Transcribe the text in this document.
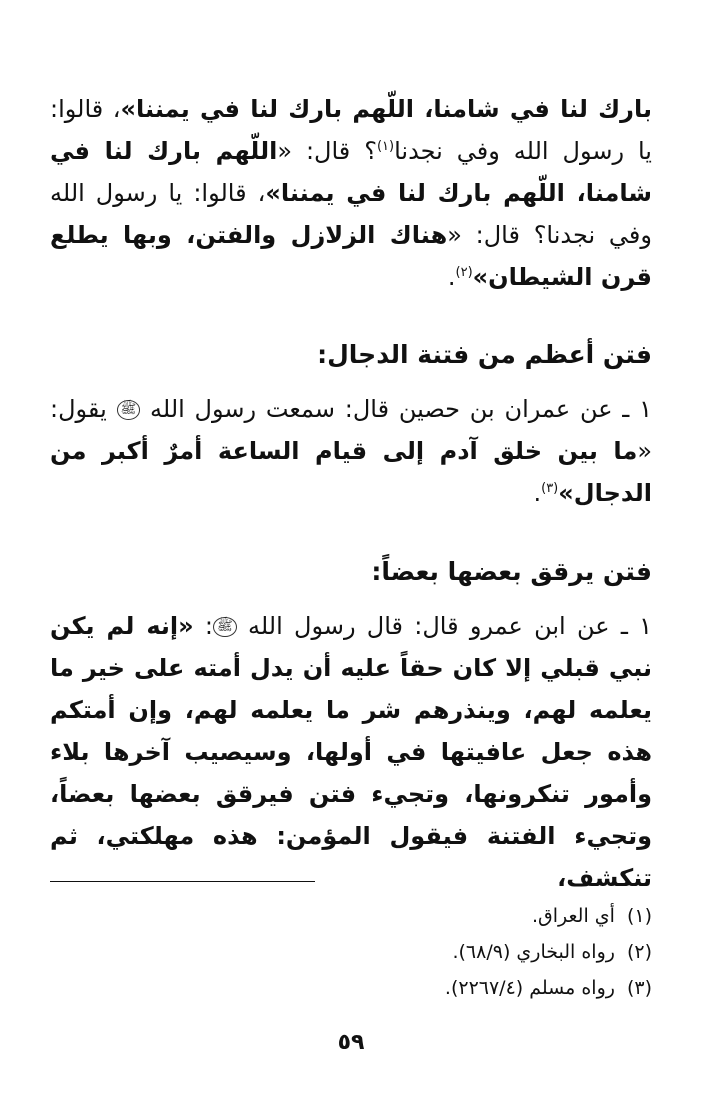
بارك لنا في شامنا، اللّهم بارك لنا في يمننا»، قالوا: يا رسول الله وفي نجدنا$^{(١)}$؟ قال: «اللّهم بارك لنا في شامنا، اللّهم بارك لنا في يمننا»، قالوا: يا رسول الله وفي نجدنا؟ قال: «هناك الزلازل والفتن، وبها يطلع قرن الشيطان»$^{(٢)}$.

فتن أعظم من فتنة الدجال:

١ ـ عن عمران بن حصين قال: سمعت رسول الله ﷺ يقول: «ما بين خلق آدم إلى قيام الساعة أمرٌ أكبر من الدجال»$^{(٣)}$.

فتن يرقق بعضها بعضاً:

١ ـ عن ابن عمرو قال: قال رسول الله ﷺ: «إنه لم يكن نبي قبلي إلا كان حقاً عليه أن يدل أمته على خير ما يعلمه لهم، وينذرهم شر ما يعلمه لهم، وإن أمتكم هذه جعل عافيتها في أولها، وسيصيب آخرها بلاء وأمور تنكرونها، وتجيء فتن فيرقق بعضها بعضاً، وتجيء الفتنة فيقول المؤمن: هذه مهلكتي، ثم تنكشف،

(١)أي العراق.
(٢)رواه البخاري (٦٨/٩).
(٣)رواه مسلم (٢٢٦٧/٤).
٥٩
